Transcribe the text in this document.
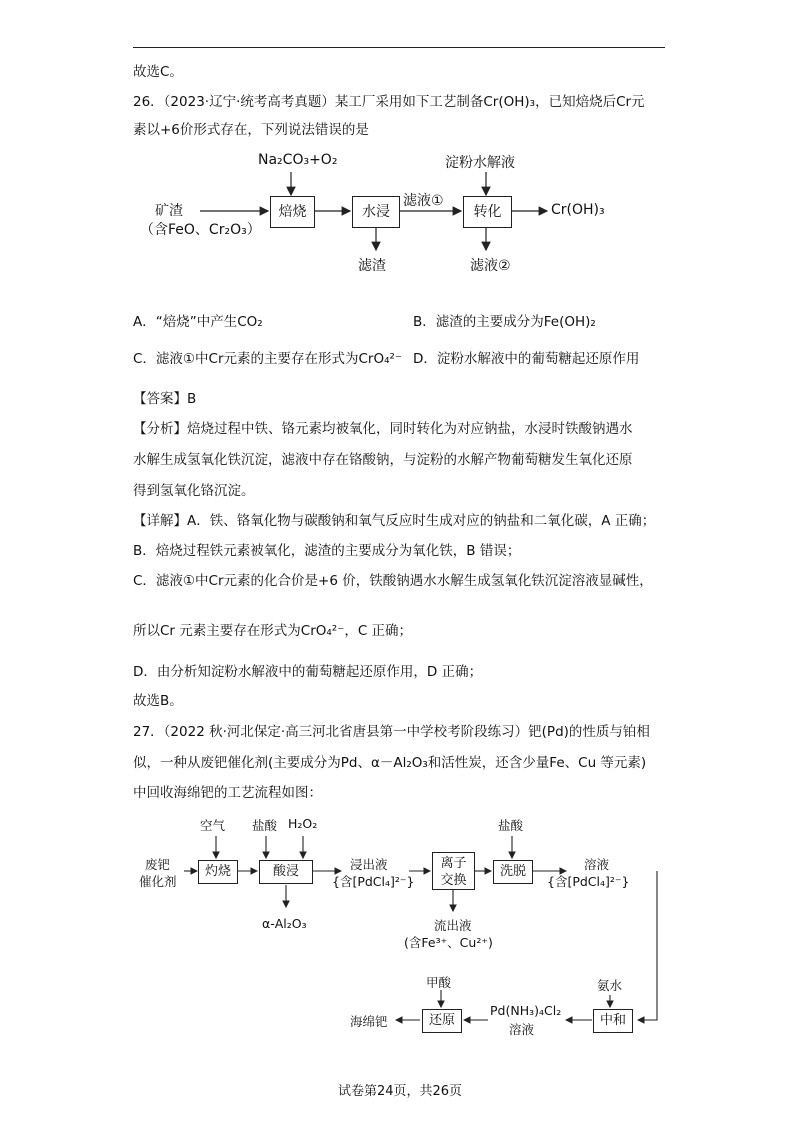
故选C。
26．（2023·辽宁·统考高考真题）某工厂采用如下工艺制备Cr(OH)₃，已知焙烧后Cr元
素以+6价形式存在，下列说法错误的是
矿渣
（含FeO、Cr₂O₃）
Na₂CO₃+O₂	淀粉水解液
焙烧	水浸	转化
滤液①
滤渣	滤液②
Cr(OH)₃
A．“焙烧”中产生CO₂	B．滤渣的主要成分为Fe(OH)₂
C．滤液①中Cr元素的主要存在形式为CrO₄²⁻ D．淀粉水解液中的葡萄糖起还原作用
【答案】B
【分析】焙烧过程中铁、铬元素均被氧化，同时转化为对应钠盐，水浸时铁酸钠遇水
水解生成氢氧化铁沉淀，滤液中存在铬酸钠，与淀粉的水解产物葡萄糖发生氧化还原
得到氢氧化铬沉淀。
【详解】A．铁、铬氧化物与碳酸钠和氧气反应时生成对应的钠盐和二氧化碳，A 正确；
B．焙烧过程铁元素被氧化，滤渣的主要成分为氧化铁，B 错误；
C．滤液①中Cr元素的化合价是+6 价，铁酸钠遇水水解生成氢氧化铁沉淀溶液显碱性，
所以Cr 元素主要存在形式为CrO₄²⁻，C 正确；
D．由分析知淀粉水解液中的葡萄糖起还原作用，D 正确；
故选B。
27．（2022 秋·河北保定·高三河北省唐县第一中学校考阶段练习）钯(Pd)的性质与铂相
似，一种从废钯催化剂(主要成分为Pd、α－Al₂O₃和活性炭，还含少量Fe、Cu 等元素)
中回收海绵钯的工艺流程如图：
废钯
催化剂
空气 盐酸 H₂O₂
灼烧	酸浸
α-Al₂O₃
浸出液
{含[PdCl₄]²⁻}
离子
交换
盐酸
洗脱	溶液
{含[PdCl₄]²⁻}
流出液
(含Fe³⁺、Cu²⁺)
甲酸	氨水
还原	中和
Pd(NH₃)₄Cl₂
溶液
海绵钯
试卷第24页，共26页
